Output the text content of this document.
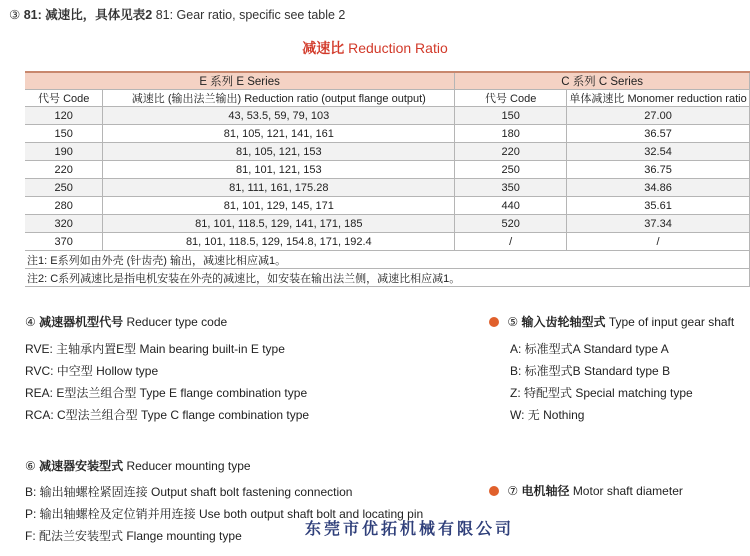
③ 81: 减速比，具体见表2 81: Gear ratio, specific see table 2
减速比 Reduction Ratio
E 系列 E Series		C 系列 C Series	
代号 Code	减速比 (输出法兰输出) Reduction ratio (output flange output)	代号 Code	单体减速比 Monomer reduction ratio
120	43, 53.5, 59, 79, 103	150	27.00
150	81, 105, 121, 141, 161	180	36.57
190	81, 105, 121, 153	220	32.54
220	81, 101, 121, 153	250	36.75
250	81, 111, 161, 175.28	350	34.86
280	81, 101, 129, 145, 171	440	35.61
320	81, 101, 118.5, 129, 141, 171, 185	520	37.34
370	81, 101, 118.5, 129, 154.8, 171, 192.4	/	/
注1: E系列如由外壳 (针齿壳) 输出，减速比相应减1。			
注2: C系列减速比是指电机安装在外壳的减速比，如安装在输出法兰侧，减速比相应减1。			
④ 减速器机型代号 Reducer type code
RVE: 主轴承内置E型 Main bearing built-in E type
RVC: 中空型 Hollow type
REA: E型法兰组合型 Type E flange combination type
RCA: C型法兰组合型 Type C flange combination type
⑤ 输入齿轮轴型式 Type of input gear shaft
A: 标准型式A Standard type A
B: 标准型式B Standard type B
Z: 特配型式 Special matching type
W: 无 Nothing
⑥ 减速器安装型式 Reducer mounting type
B: 输出轴螺栓紧固连接 Output shaft bolt fastening connection
P: 输出轴螺栓及定位销并用连接 Use both output shaft bolt and locating pin
F: 配法兰安装型式 Flange mounting type
⑦ 电机轴径 Motor shaft diameter
东莞市优拓机械有限公司
